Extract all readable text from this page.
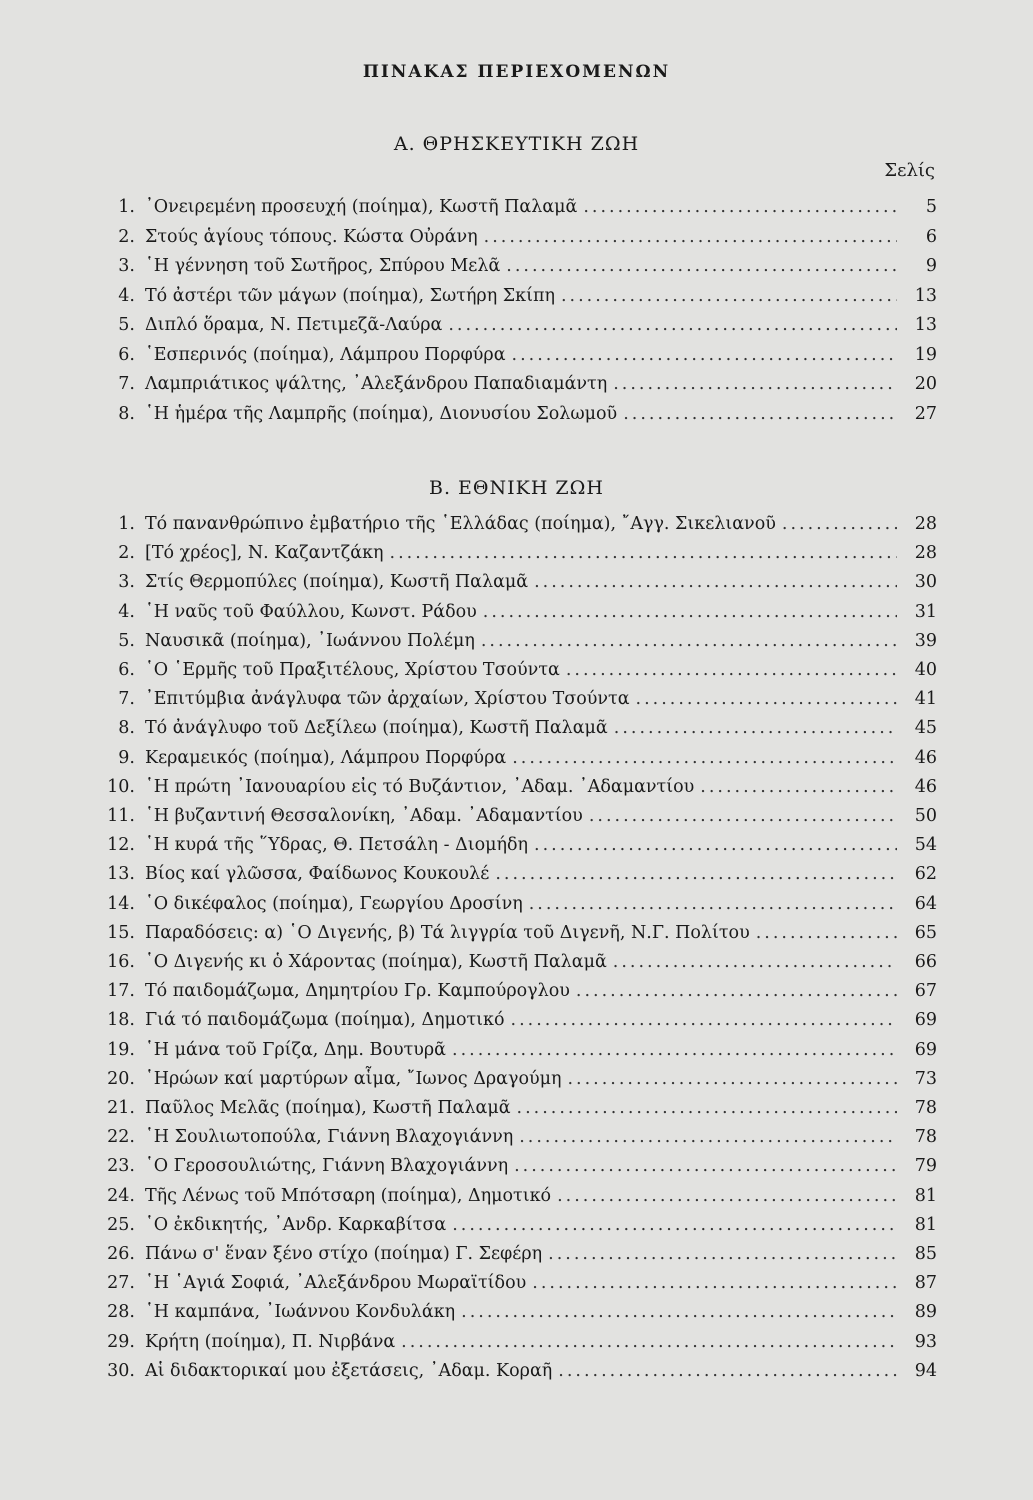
ΠΙΝΑΚΑΣ ΠΕΡΙΕΧΟΜΕΝΩΝ
Α. ΘΡΗΣΚΕΥΤΙΚΗ ΖΩΗ
Σελίς
1. ᾿Ονειρεμένη προσευχή (ποίημα), Κωστῆ Παλαμᾶ .....	5
2. Στούς ἁγίους τόπους. Κώστα Οὐράνη .....	6
3. ῾Η γέννηση τοῦ Σωτῆρος, Σπύρου Μελᾶ .....	9
4. Τό ἀστέρι τῶν μάγων (ποίημα), Σωτήρη Σκίπη .....	13
5. Διπλό ὅραμα, Ν. Πετιμεζᾶ-Λαύρα .....	13
6. ῾Εσπερινός (ποίημα), Λάμπρου Πορφύρα .....	19
7. Λαμπριάτικος ψάλτης, ᾿Αλεξάνδρου Παπαδιαμάντη .....	20
8. ῾Η ἡμέρα τῆς Λαμπρῆς (ποίημα), Διονυσίου Σολωμοῦ .....	27
Β. ΕΘΝΙΚΗ ΖΩΗ
1. Τό πανανθρώπινο ἐμβατήριο τῆς ῾Ελλάδας (ποίημα), ῎Αγγ. Σικελιανοῦ .....	28
2. [Τό χρέος], Ν. Καζαντζάκη .....	28
3. Στίς Θερμοπύλες (ποίημα), Κωστῆ Παλαμᾶ .....	30
4. ῾Η ναῦς τοῦ Φαύλλου, Κωνστ. Ράδου .....	31
5. Ναυσικᾶ (ποίημα), ᾿Ιωάννου Πολέμη .....	39
6. ῾Ο ῾Ερμῆς τοῦ Πραξιτέλους, Χρίστου Τσούντα .....	40
7. ᾿Επιτύμβια ἀνάγλυφα τῶν ἀρχαίων, Χρίστου Τσούντα .....	41
8. Τό ἀνάγλυφο τοῦ Δεξίλεω (ποίημα), Κωστῆ Παλαμᾶ .....	45
9. Κεραμεικός (ποίημα), Λάμπρου Πορφύρα .....	46
10. ῾Η πρώτη ᾿Ιανουαρίου εἰς τό Βυζάντιον, ᾿Αδαμ. ᾿Αδαμαντίου .....	46
11. ῾Η βυζαντινή Θεσσαλονίκη, ᾿Αδαμ. ᾿Αδαμαντίου .....	50
12. ῾Η κυρά τῆς ῞Υδρας, Θ. Πετσάλη - Διομήδη .....	54
13. Βίος καί γλῶσσα, Φαίδωνος Κουκουλέ .....	62
14. ῾Ο δικέφαλος (ποίημα), Γεωργίου Δροσίνη .....	64
15. Παραδόσεις: α) ῾Ο Διγενής, β) Τά λιγγρία τοῦ Διγενῆ, Ν.Γ. Πολίτου .....	65
16. ῾Ο Διγενής κι ὁ Χάροντας (ποίημα), Κωστῆ Παλαμᾶ .....	66
17. Τό παιδομάζωμα, Δημητρίου Γρ. Καμπούρογλου .....	67
18. Γιά τό παιδομάζωμα (ποίημα), Δημοτικό .....	69
19. ῾Η μάνα τοῦ Γρίζα, Δημ. Βουτυρᾶ .....	69
20. ῾Ηρώων καί μαρτύρων αἷμα, ῎Ιωνος Δραγούμη .....	73
21. Παῦλος Μελᾶς (ποίημα), Κωστῆ Παλαμᾶ .....	78
22. ῾Η Σουλιωτοπούλα, Γιάννη Βλαχογιάννη .....	78
23. ῾Ο Γεροσουλιώτης, Γιάννη Βλαχογιάννη .....	79
24. Τῆς Λένως τοῦ Μπότσαρη (ποίημα), Δημοτικό .....	81
25. ῾Ο ἐκδικητής, ᾿Ανδρ. Καρκαβίτσα .....	81
26. Πάνω σ' ἕναν ξένο στίχο (ποίημα) Γ. Σεφέρη .....	85
27. ῾Η ῾Αγιά Σοφιά, ᾿Αλεξάνδρου Μωραϊτίδου .....	87
28. ῾Η καμπάνα, ᾿Ιωάννου Κονδυλάκη .....	89
29. Κρήτη (ποίημα), Π. Νιρβάνα .....	93
30. Αἱ διδακτορικαί μου ἐξετάσεις, ᾿Αδαμ. Κοραῆ .....	94
